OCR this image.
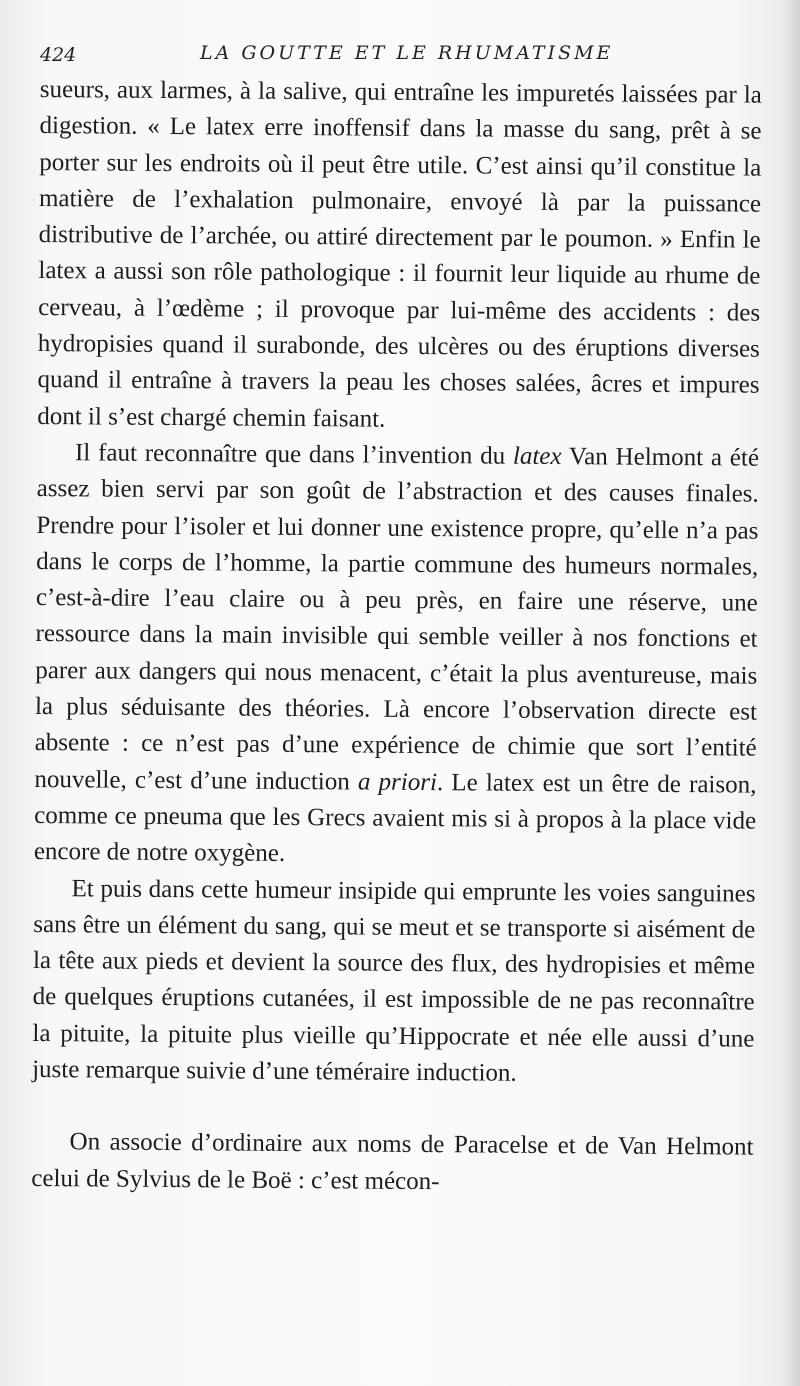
424	LA GOUTTE ET LE RHUMATISME

sueurs, aux larmes, à la salive, qui entraîne les impuretés laissées par la digestion. « Le latex erre inoffensif dans la masse du sang, prêt à se porter sur les endroits où il peut être utile. C’est ainsi qu’il constitue la matière de l’exhalation pulmonaire, envoyé là par la puissance distributive de l’archée, ou attiré directement par le poumon. » Enfin le latex a aussi son rôle pathologique : il fournit leur liquide au rhume de cerveau, à l’œdème ; il provoque par lui-même des accidents : des hydropisies quand il surabonde, des ulcères ou des éruptions diverses quand il entraîne à travers la peau les choses salées, âcres et impures dont il s’est chargé chemin faisant.

Il faut reconnaître que dans l’invention du latex Van Helmont a été assez bien servi par son goût de l’abstraction et des causes finales. Prendre pour l’isoler et lui donner une existence propre, qu’elle n’a pas dans le corps de l’homme, la partie commune des humeurs normales, c’est-à-dire l’eau claire ou à peu près, en faire une réserve, une ressource dans la main invisible qui semble veiller à nos fonctions et parer aux dangers qui nous menacent, c’était la plus aventureuse, mais la plus séduisante des théories. Là encore l’observation directe est absente : ce n’est pas d’une expérience de chimie que sort l’entité nouvelle, c’est d’une induction a priori. Le latex est un être de raison, comme ce pneuma que les Grecs avaient mis si à propos à la place vide encore de notre oxygène.

Et puis dans cette humeur insipide qui emprunte les voies sanguines sans être un élément du sang, qui se meut et se transporte si aisément de la tête aux pieds et devient la source des flux, des hydropisies et même de quelques éruptions cutanées, il est impossible de ne pas reconnaître la pituite, la pituite plus vieille qu’Hippocrate et née elle aussi d’une juste remarque suivie d’une téméraire induction.

On associe d’ordinaire aux noms de Paracelse et de Van Helmont celui de Sylvius de le Boë : c’est mécon-
